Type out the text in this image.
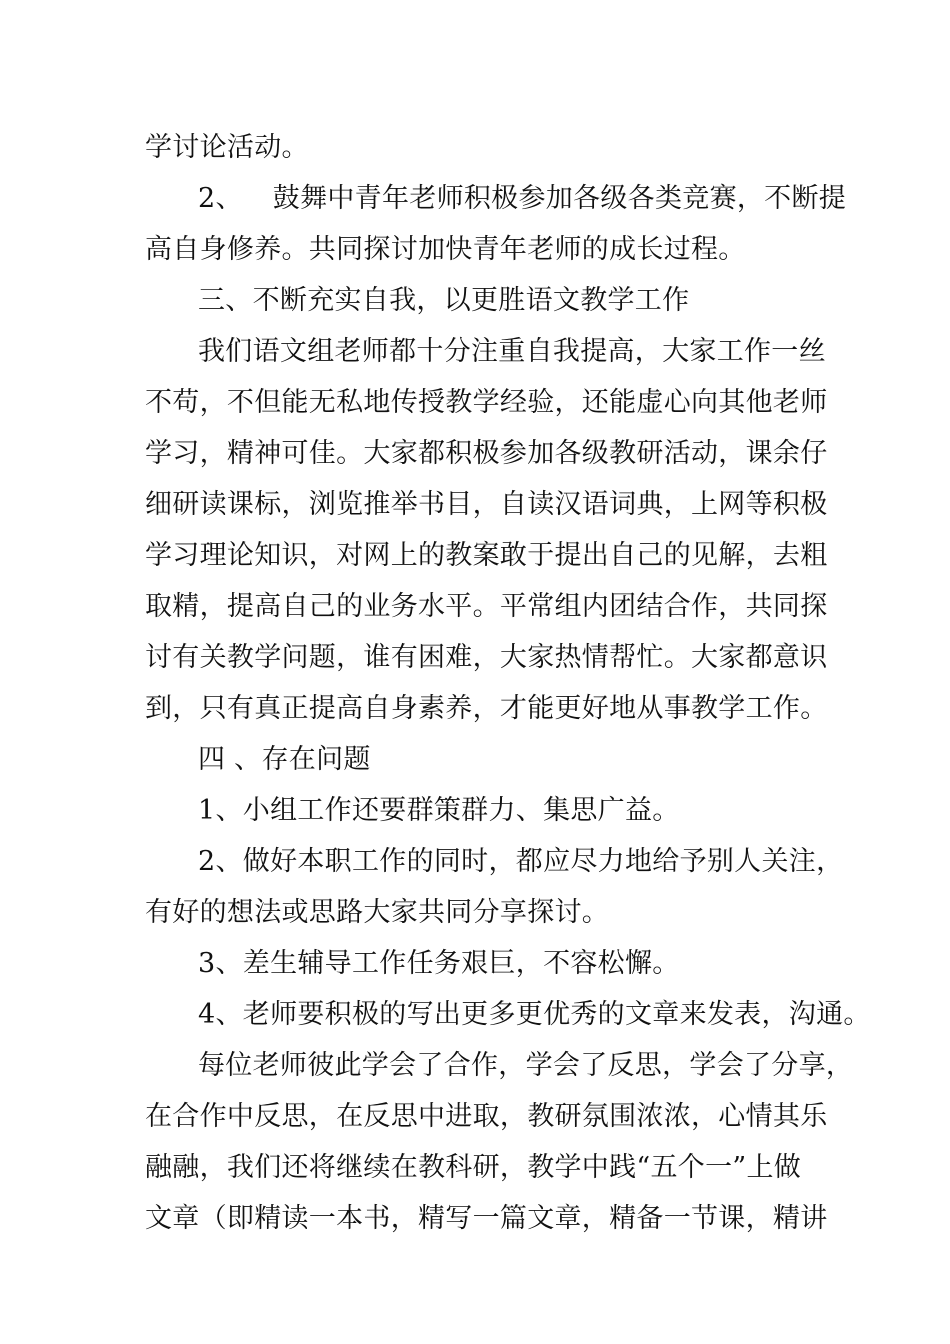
学讨论活动。
2、 鼓舞中青年老师积极参加各级各类竞赛，不断提
高自身修养。共同探讨加快青年老师的成长过程。
三、不断充实自我，以更胜语文教学工作
我们语文组老师都十分注重自我提高，大家工作一丝
不苟，不但能无私地传授教学经验，还能虚心向其他老师
学习，精神可佳。大家都积极参加各级教研活动，课余仔
细研读课标，浏览推举书目，自读汉语词典，上网等积极
学习理论知识，对网上的教案敢于提出自己的见解，去粗
取精，提高自己的业务水平。平常组内团结合作，共同探
讨有关教学问题，谁有困难，大家热情帮忙。大家都意识
到，只有真正提高自身素养，才能更好地从事教学工作。
四 、存在问题
1、小组工作还要群策群力、集思广益。
2、做好本职工作的同时，都应尽力地给予别人关注，
有好的想法或思路大家共同分享探讨。
3、差生辅导工作任务艰巨，不容松懈。
4、老师要积极的写出更多更优秀的文章来发表，沟通。
每位老师彼此学会了合作，学会了反思，学会了分享，
在合作中反思，在反思中进取，教研氛围浓浓，心情其乐
融融，我们还将继续在教科研，教学中践“五个一”上做
文章（即精读一本书，精写一篇文章，精备一节课，精讲
